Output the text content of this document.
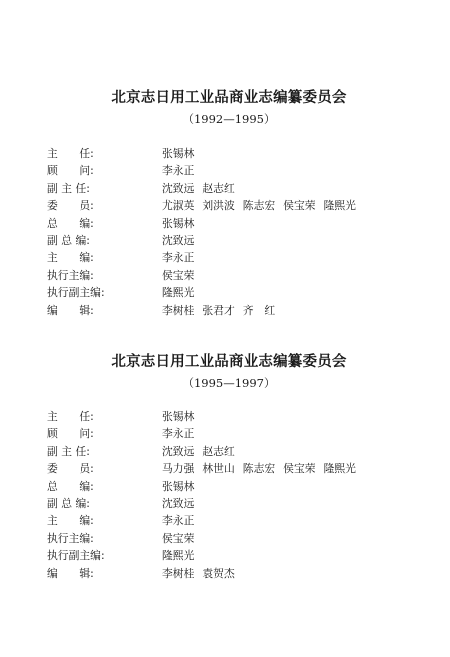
北京志日用工业品商业志编纂委员会
（1992—1995）
主　　任:	张锡林
顾　　问:	李永正
副 主 任:	沈致远 赵志红
委　　员:	尤淑英 刘洪波 陈志宏 侯宝荣 隆熙光
总　　编:	张锡林
副 总 编:	沈致远
主　　编:	李永正
执行主编:	侯宝荣
执行副主编:	隆熙光
编　　辑:	李树桂 张君才 齐　红
北京志日用工业品商业志编纂委员会
（1995—1997）
主　　任:	张锡林
顾　　问:	李永正
副 主 任:	沈致远 赵志红
委　　员:	马力强 林世山 陈志宏 侯宝荣 隆熙光
总　　编:	张锡林
副 总 编:	沈致远
主　　编:	李永正
执行主编:	侯宝荣
执行副主编:	隆熙光
编　　辑:	李树桂 袁贺杰
